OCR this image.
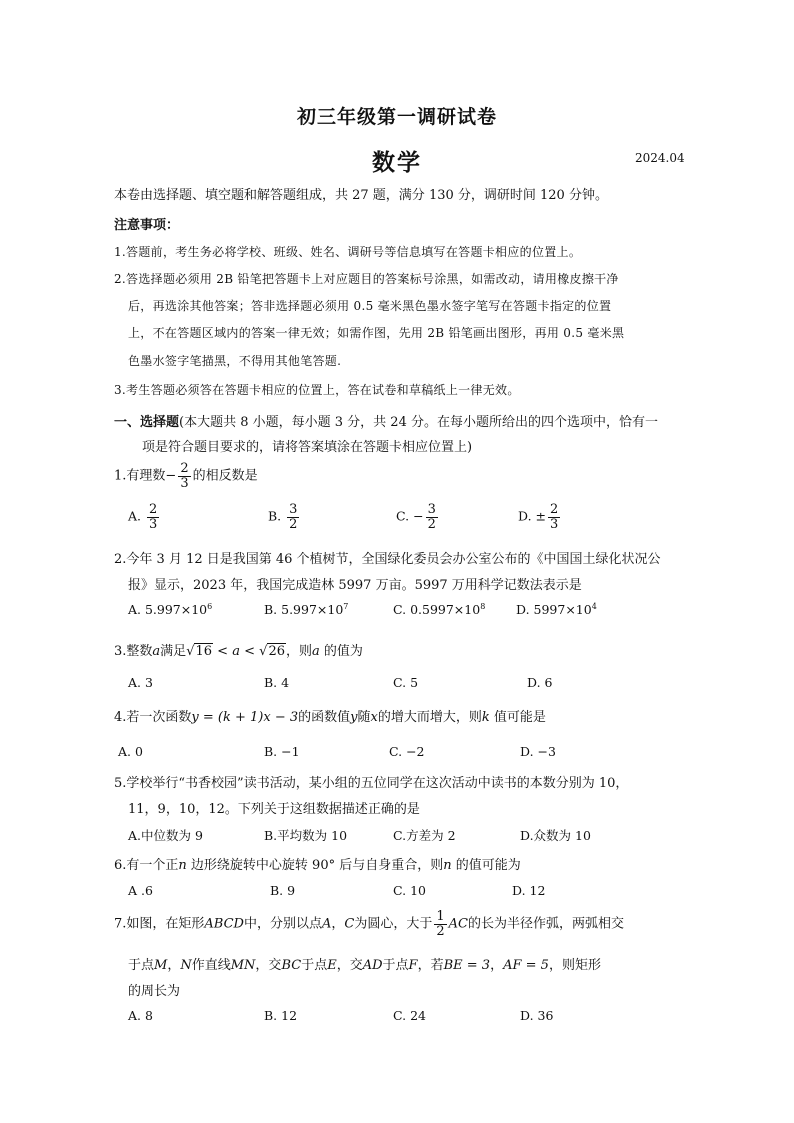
初三年级第一调研试卷
数学	2024.04
本卷由选择题、填空题和解答题组成，共 27 题，满分 130 分，调研时间 120 分钟。
注意事项：
1.答题前，考生务必将学校、班级、姓名、调研号等信息填写在答题卡相应的位置上。
2.答选择题必须用 2B 铅笔把答题卡上对应题目的答案标号涂黑，如需改动，请用橡皮擦干净
后，再选涂其他答案；答非选择题必须用 0.5 毫米黑色墨水签字笔写在答题卡指定的位置
上，不在答题区域内的答案一律无效；如需作图，先用 2B 铅笔画出图形，再用 0.5 毫米黑
色墨水签字笔描黑，不得用其他笔答题.
3.考生答题必须答在答题卡相应的位置上，答在试卷和草稿纸上一律无效。
一、选择题(本大题共 8 小题，每小题 3 分，共 24 分。在每小题所给出的四个选项中，恰有一
项是符合题目要求的，请将答案填涂在答题卡相应位置上)
1.有理数− $\frac{2}{3}$ 的相反数是
A. $\frac{2}{3}$	B. $\frac{3}{2}$	C. − $\frac{3}{2}$	D. ± $\frac{2}{3}$
2.今年 3 月 12 日是我国第 46 个植树节，全国绿化委员会办公室公布的《中国国土绿化状况公
报》显示，2023 年，我国完成造林 5997 万亩。5997 万用科学记数法表示是
A. $5.997\times 10^6$	B. $5.997\times 10^7$	C. $0.5997\times 10^8$ D. $5997\times 10^4$
3.整数a满足√16 < a < √26，则a 的值为
A. 3	B. 4	C. 5	D. 6
4.若一次函数y = (k + 1)x − 3的函数值y随x的增大而增大，则k 值可能是
A. 0	B. −1	C. −2	D. −3
5.学校举行“书香校园”读书活动，某小组的五位同学在这次活动中读书的本数分别为 10，
11，9，10，12。下列关于这组数据描述正确的是
A.中位数为 9	B.平均数为 10	C.方差为 2	D.众数为 10
6.有一个正n 边形绕旋转中心旋转 90° 后与自身重合，则n 的值可能为
A .6	B. 9	C. 10	D. 12
7.如图，在矩形ABCD中，分别以点A，C为圆心，大于 $\frac{1}{2}$ AC的长为半径作弧，两弧相交
于点M，N作直线MN，交BC于点E，交AD于点F，若BE = 3，AF = 5，则矩形
的周长为
A. 8	B. 12	C. 24	D. 36
